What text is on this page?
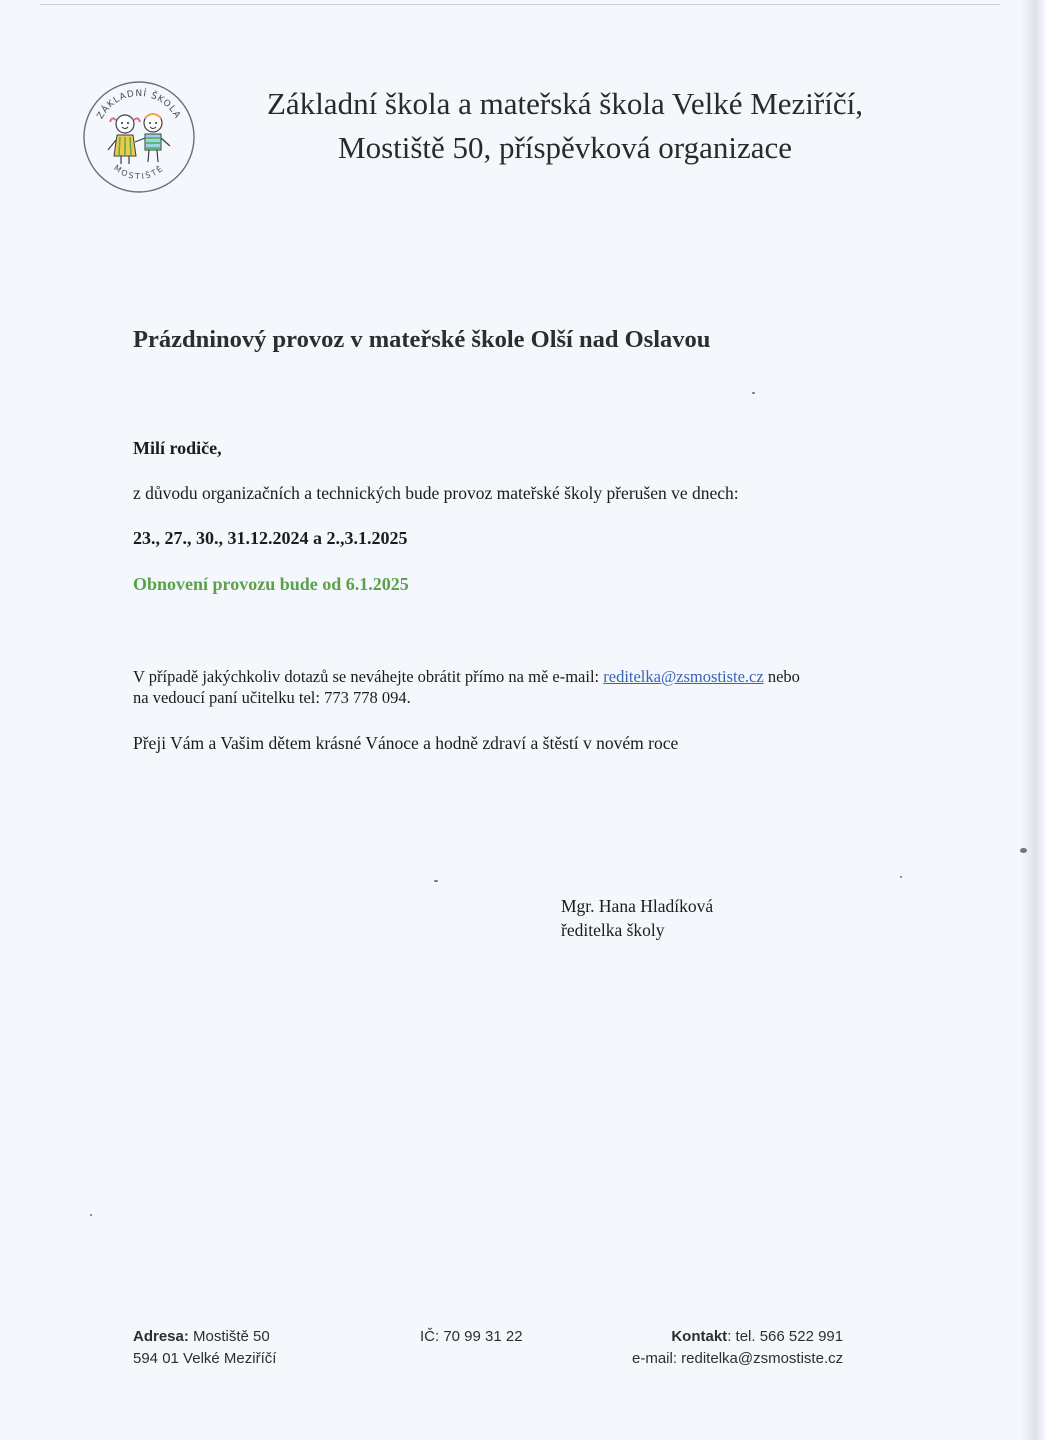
ZÁKLADNÍ ŠKOLA
MOSTIŠTĚ
Základní škola a mateřská škola Velké Meziříčí,
Mostiště 50, příspěvková organizace
Prázdninový provoz v mateřské škole Olší nad Oslavou
Milí rodiče,
z důvodu organizačních a technických bude provoz mateřské školy přerušen ve dnech:
23., 27., 30., 31.12.2024 a 2.,3.1.2025
Obnovení provozu bude od 6.1.2025
V případě jakýchkoliv dotazů se neváhejte obrátit přímo na mě e-mail: reditelka@zsmostiste.cz nebo
na vedoucí paní učitelku tel: 773 778 094.
Přeji Vám a Vašim dětem krásné Vánoce a hodně zdraví a štěstí v novém roce
Mgr. Hana Hladíková
ředitelka školy
Adresa: Mostiště 50
594 01 Velké Meziříčí
IČ: 70 99 31 22	Kontakt: tel. 566 522 991
e-mail: reditelka@zsmostiste.cz
